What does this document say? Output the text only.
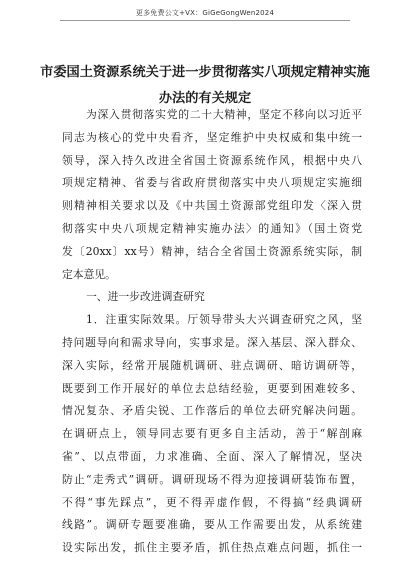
更多免费公文+VX：GiGeGongWen2024
市委国土资源系统关于进一步贯彻落实八项规定精神实施
办法的有关规定
为深入贯彻落实党的二十大精神，坚定不移向以习近平
同志为核心的党中央看齐，坚定维护中央权威和集中统一
领导，深入持久改进全省国土资源系统作风，根据中央八
项规定精神、省委与省政府贯彻落实中央八项规定实施细
则精神相关要求以及《中共国土资源部党组印发〈深入贯
彻落实中央八项规定精神实施办法〉的通知》（国土资党
发〔20xx〕xx号）精神，结合全省国土资源系统实际，制
定本意见。
一、进一步改进调查研究
1．注重实际效果。厅领导带头大兴调查研究之风，坚
持问题导向和需求导向，实事求是。深入基层、深入群众、
深入实际，经常开展随机调研、驻点调研、暗访调研等，
既要到工作开展好的单位去总结经验，更要到困难较多、
情况复杂、矛盾尖锐、工作落后的单位去研究解决问题。
在调研点上，领导同志要有更多自主活动，善于“解剖麻
雀”、以点带面，力求准确、全面、深入了解情况，坚决
防止“走秀式”调研。调研现场不得为迎接调研装饰布置，
不得“事先踩点”，更不得弄虚作假，不得搞“经典调研
线路”。调研专题要准确，要从工作需要出发，从系统建
设实际出发，抓住主要矛盾，抓住热点难点问题，抓住一
